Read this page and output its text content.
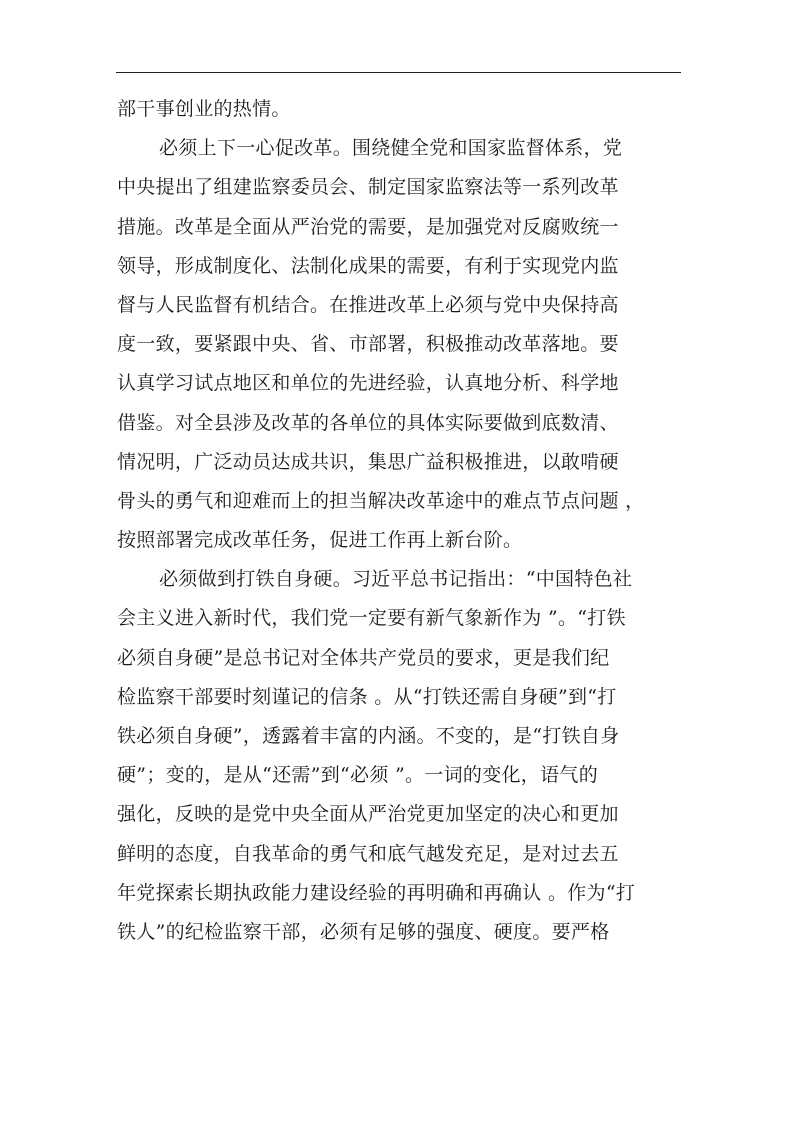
部干事创业的热情。
必须上下一心促改革。围绕健全党和国家监督体系，党
中央提出了组建监察委员会、制定国家监察法等一系列改革
措施。改革是全面从严治党的需要，是加强党对反腐败统一
领导，形成制度化、法制化成果的需要，有利于实现党内监
督与人民监督有机结合。在推进改革上必须与党中央保持高
度一致，要紧跟中央、省、市部署，积极推动改革落地。要
认真学习试点地区和单位的先进经验，认真地分析、科学地
借鉴。对全县涉及改革的各单位的具体实际要做到底数清、
情况明，广泛动员达成共识，集思广益积极推进，以敢啃硬
骨头的勇气和迎难而上的担当解决改革途中的难点节点问题 ，
按照部署完成改革任务，促进工作再上新台阶。
必须做到打铁自身硬。习近平总书记指出：“中国特色社
会主义进入新时代，我们党一定要有新气象新作为 ”。“打铁
必须自身硬”是总书记对全体共产党员的要求，更是我们纪
检监察干部要时刻谨记的信条 。从“打铁还需自身硬”到“打
铁必须自身硬”，透露着丰富的内涵。不变的，是“打铁自身
硬”；变的，是从“还需”到“必须 ”。一词的变化，语气的
强化，反映的是党中央全面从严治党更加坚定的决心和更加
鲜明的态度，自我革命的勇气和底气越发充足，是对过去五
年党探索长期执政能力建设经验的再明确和再确认 。作为“打
铁人”的纪检监察干部，必须有足够的强度、硬度。要严格
